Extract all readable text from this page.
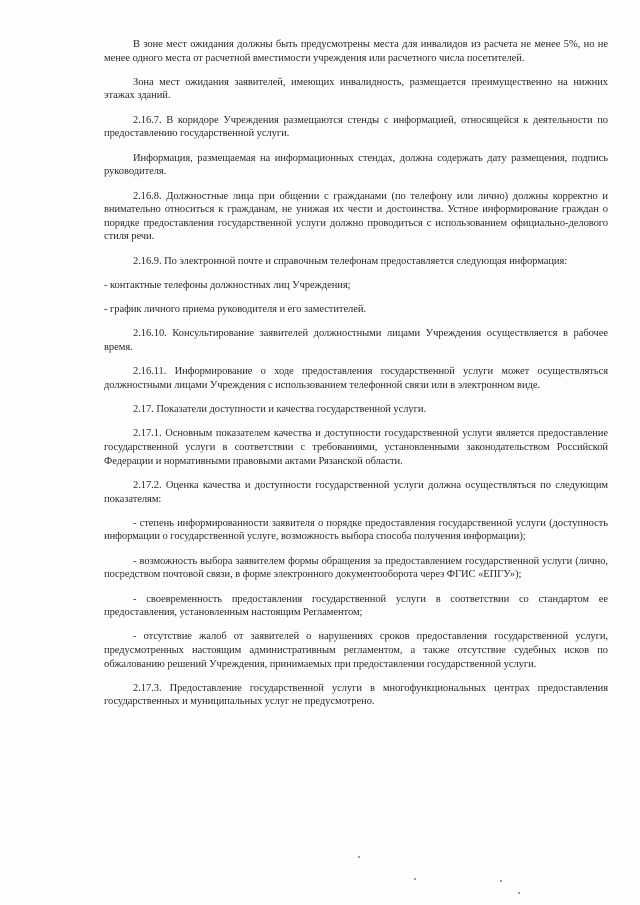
В зоне мест ожидания должны быть предусмотрены места для инвалидов из расчета не менее 5%, но не менее одного места от расчетной вместимости учреждения или расчетного числа посетителей.

Зона мест ожидания заявителей, имеющих инвалидность, размещается преимущественно на нижних этажах зданий.

2.16.7. В коридоре Учреждения размещаются стенды с информацией, относящейся к деятельности по предоставлению государственной услуги.

Информация, размещаемая на информационных стендах, должна содержать дату размещения, подпись руководителя.

2.16.8. Должностные лица при общении с гражданами (по телефону или лично) должны корректно и внимательно относиться к гражданам, не унижая их чести и достоинства. Устное информирование граждан о порядке предоставления государственной услуги должно проводиться с использованием официально-делового стиля речи.

2.16.9. По электронной почте и справочным телефонам предоставляется следующая информация:

- контактные телефоны должностных лиц Учреждения;

- график личного приема руководителя и его заместителей.

2.16.10. Консультирование заявителей должностными лицами Учреждения осуществляется в рабочее время.

2.16.11. Информирование о ходе предоставления государственной услуги может осуществляться должностными лицами Учреждения с использованием телефонной связи или в электронном виде.

2.17. Показатели доступности и качества государственной услуги.

2.17.1. Основным показателем качества и доступности государственной услуги является предоставление государственной услуги в соответствии с требованиями, установленными законодательством Российской Федерации и нормативными правовыми актами Рязанской области.

2.17.2. Оценка качества и доступности государственной услуги должна осуществляться по следующим показателям:

- степень информированности заявителя о порядке предоставления государственной услуги (доступность информации о государственной услуге, возможность выбора способа получения информации);

- возможность выбора заявителем формы обращения за предоставлением государственной услуги (лично, посредством почтовой связи, в форме электронного документооборота через ФГИС «ЕПГУ»);

- своевременность предоставления государственной услуги в соответствии со стандартом ее предоставления, установленным настоящим Регламентом;

- отсутствие жалоб от заявителей о нарушениях сроков предоставления государственной услуги, предусмотренных настоящим административным регламентом, а также отсутствие судебных исков по обжалованию решений Учреждения, принимаемых при предоставлении государственной услуги.

2.17.3. Предоставление государственной услуги в многофункциональных центрах предоставления государственных и муниципальных услуг не предусмотрено.
